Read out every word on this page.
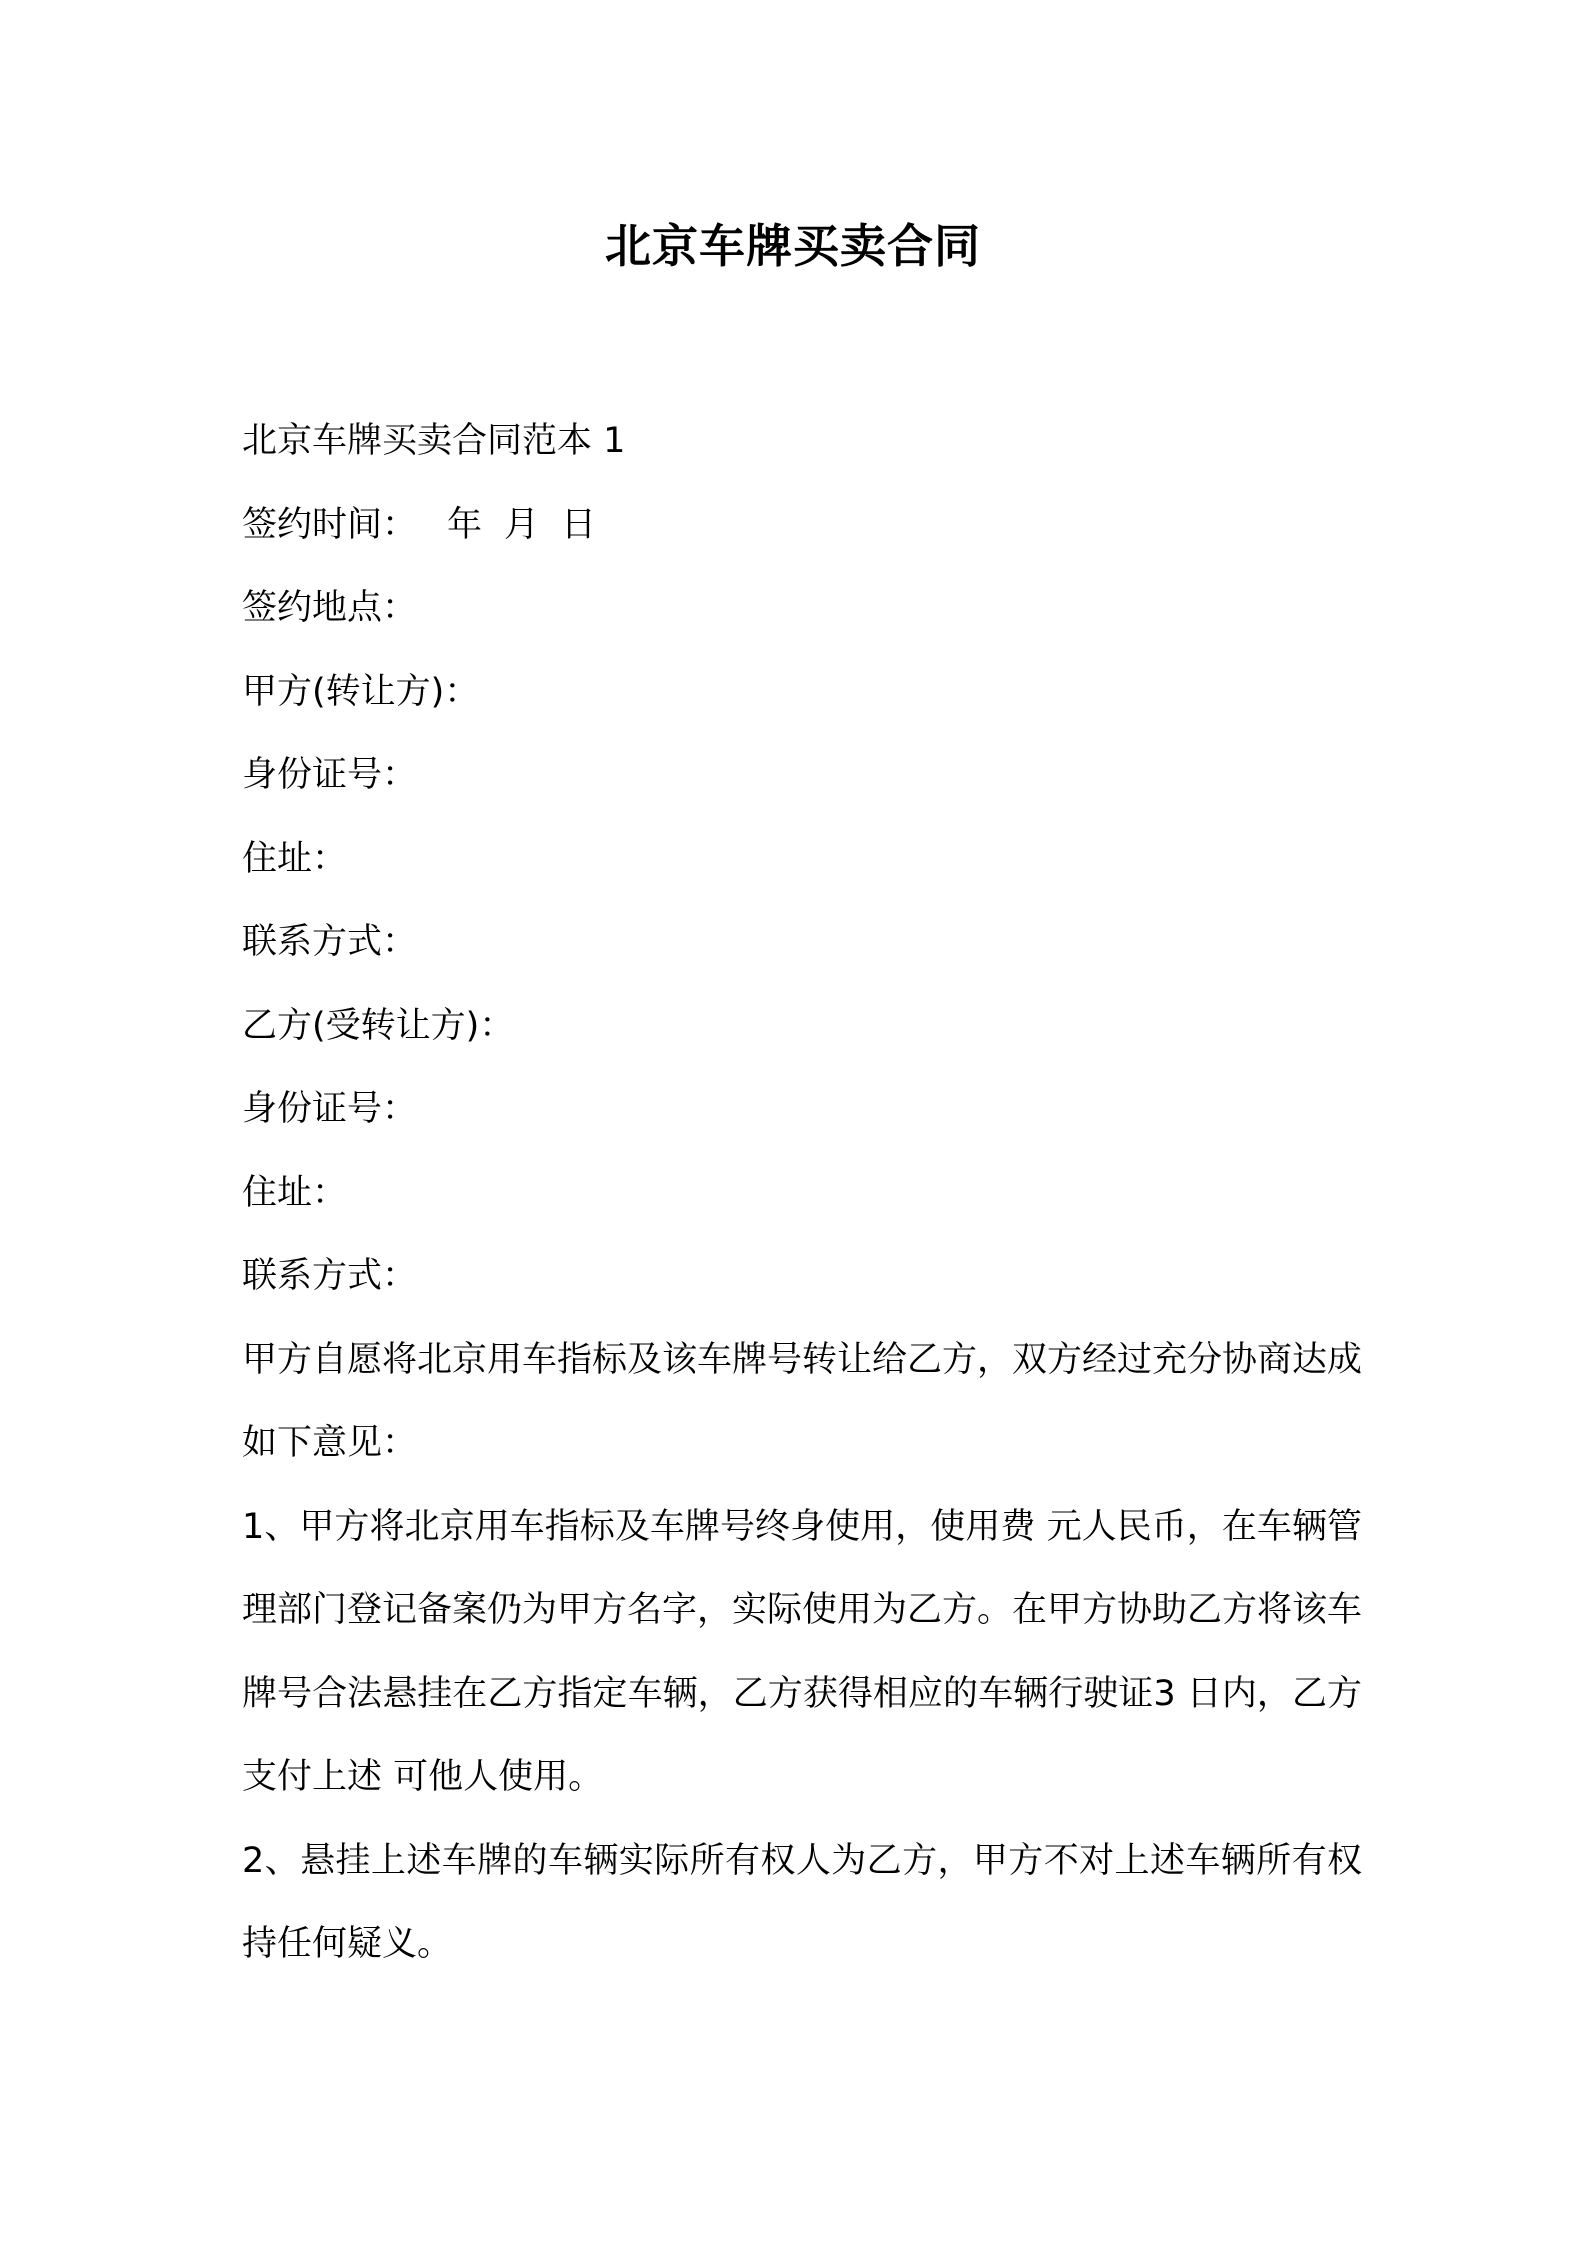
北京车牌买卖合同
北京车牌买卖合同范本 1
签约时间： 年 月 日
签约地点：
甲方(转让方)：
身份证号：
住址：
联系方式：
乙方(受转让方)：
身份证号：
住址：
联系方式：
甲方自愿将北京用车指标及该车牌号转让给乙方，双方经过充分协商达成如下意见：
1、甲方将北京用车指标及车牌号终身使用，使用费 元人民币，在车辆管理部门登记备案仍为甲方名字，实际使用为乙方。在甲方协助乙方将该车牌号合法悬挂在乙方指定车辆，乙方获得相应的车辆行驶证3 日内，乙方支付上述 可他人使用。
2、悬挂上述车牌的车辆实际所有权人为乙方，甲方不对上述车辆所有权持任何疑义。
